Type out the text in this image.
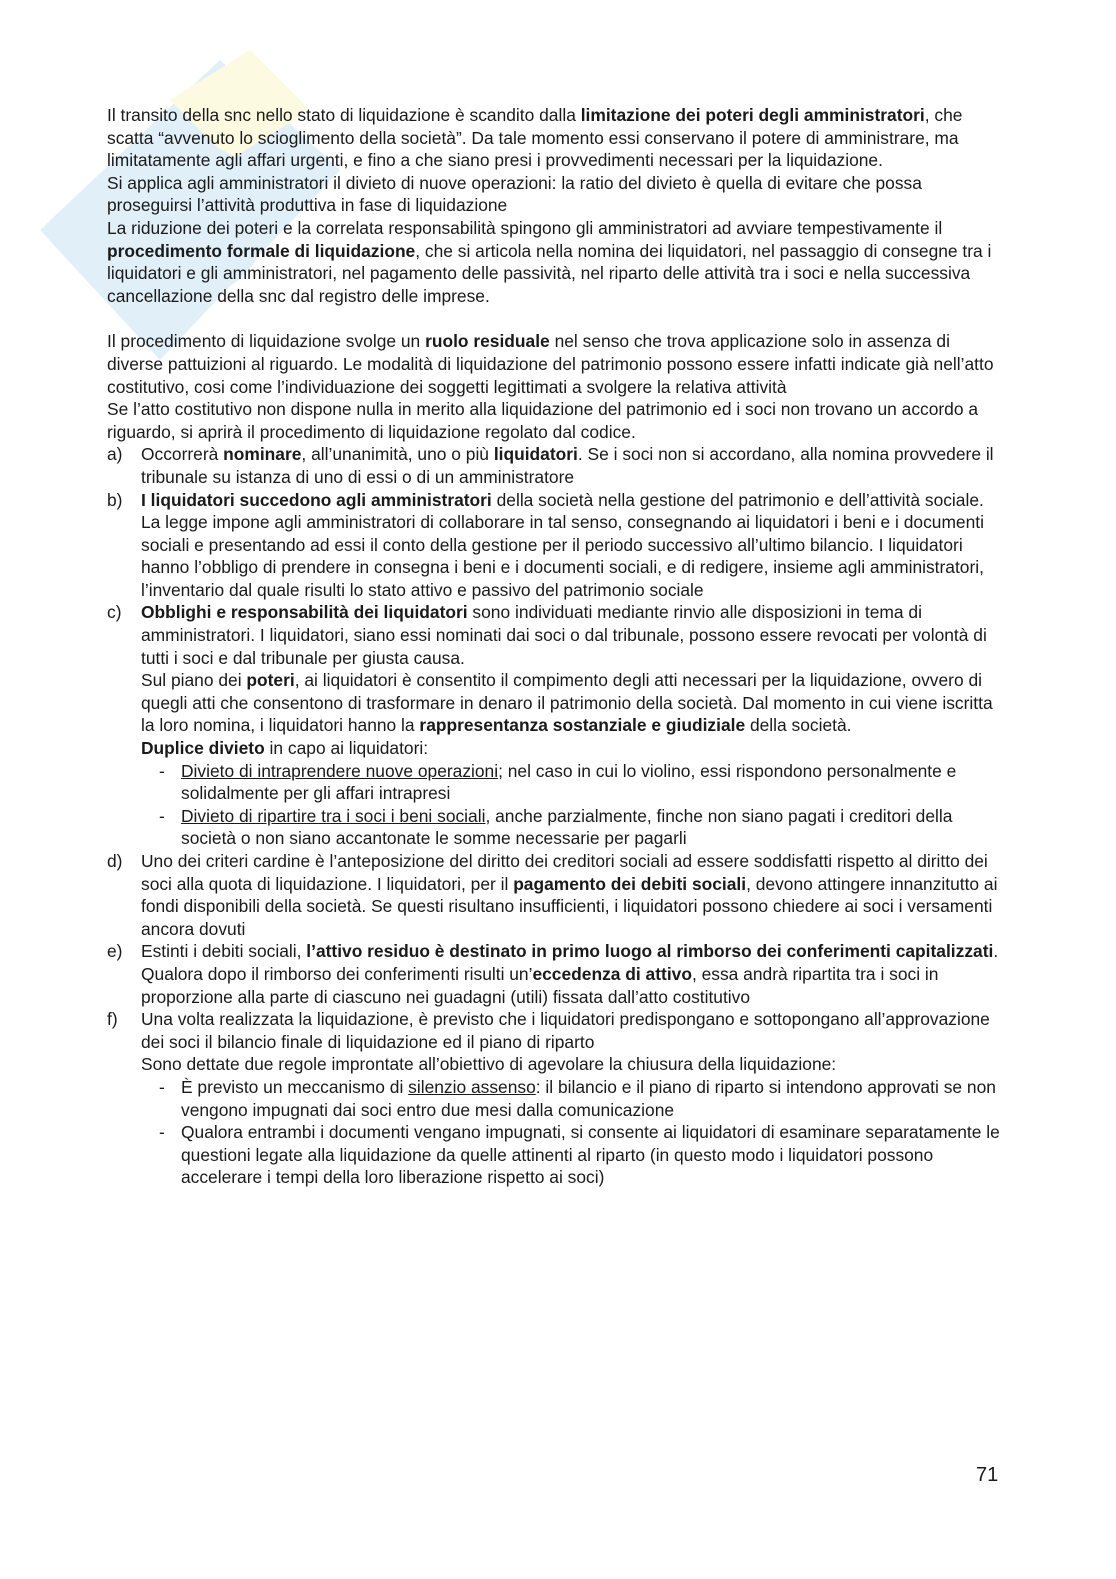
Il transito della snc nello stato di liquidazione è scandito dalla limitazione dei poteri degli amministratori, che scatta “avvenuto lo scioglimento della società”. Da tale momento essi conservano il potere di amministrare, ma limitatamente agli affari urgenti, e fino a che siano presi i provvedimenti necessari per la liquidazione.

Si applica agli amministratori il divieto di nuove operazioni: la ratio del divieto è quella di evitare che possa proseguirsi l’attività produttiva in fase di liquidazione

La riduzione dei poteri e la correlata responsabilità spingono gli amministratori ad avviare tempestivamente il procedimento formale di liquidazione, che si articola nella nomina dei liquidatori, nel passaggio di consegne tra i liquidatori e gli amministratori, nel pagamento delle passività, nel riparto delle attività tra i soci e nella successiva cancellazione della snc dal registro delle imprese.

Il procedimento di liquidazione svolge un ruolo residuale nel senso che trova applicazione solo in assenza di diverse pattuizioni al riguardo. Le modalità di liquidazione del patrimonio possono essere infatti indicate già nell’atto costitutivo, cosi come l’individuazione dei soggetti legittimati a svolgere la relativa attività

Se l’atto costitutivo non dispone nulla in merito alla liquidazione del patrimonio ed i soci non trovano un accordo a riguardo, si aprirà il procedimento di liquidazione regolato dal codice.

a)	Occorrerà nominare, all’unanimità, uno o più liquidatori. Se i soci non si accordano, alla nomina provvedere il tribunale su istanza di uno di essi o di un amministratore

b)	I liquidatori succedono agli amministratori della società nella gestione del patrimonio e dell’attività sociale. La legge impone agli amministratori di collaborare in tal senso, consegnando ai liquidatori i beni e i documenti sociali e presentando ad essi il conto della gestione per il periodo successivo all’ultimo bilancio. I liquidatori hanno l’obbligo di prendere in consegna i beni e i documenti sociali, e di redigere, insieme agli amministratori, l’inventario dal quale risulti lo stato attivo e passivo del patrimonio sociale

c)	Obblighi e responsabilità dei liquidatori sono individuati mediante rinvio alle disposizioni in tema di amministratori. I liquidatori, siano essi nominati dai soci o dal tribunale, possono essere revocati per volontà di tutti i soci e dal tribunale per giusta causa.

Sul piano dei poteri, ai liquidatori è consentito il compimento degli atti necessari per la liquidazione, ovvero di quegli atti che consentono di trasformare in denaro il patrimonio della società. Dal momento in cui viene iscritta la loro nomina, i liquidatori hanno la rappresentanza sostanziale e giudiziale della società.

Duplice divieto in capo ai liquidatori:

- Divieto di intraprendere nuove operazioni; nel caso in cui lo violino, essi rispondono personalmente e solidalmente per gli affari intrapresi
- Divieto di ripartire tra i soci i beni sociali, anche parzialmente, finche non siano pagati i creditori della società o non siano accantonate le somme necessarie per pagarli
d)	Uno dei criteri cardine è l’anteposizione del diritto dei creditori sociali ad essere soddisfatti rispetto al diritto dei soci alla quota di liquidazione. I liquidatori, per il pagamento dei debiti sociali, devono attingere innanzitutto ai fondi disponibili della società. Se questi risultano insufficienti, i liquidatori possono chiedere ai soci i versamenti ancora dovuti

e)	Estinti i debiti sociali, l’attivo residuo è destinato in primo luogo al rimborso dei conferimenti capitalizzati. Qualora dopo il rimborso dei conferimenti risulti un’eccedenza di attivo, essa andrà ripartita tra i soci in proporzione alla parte di ciascuno nei guadagni (utili) fissata dall’atto costitutivo

f)	Una volta realizzata la liquidazione, è previsto che i liquidatori predispongano e sottopongano all’approvazione dei soci il bilancio finale di liquidazione ed il piano di riparto

Sono dettate due regole improntate all’obiettivo di agevolare la chiusura della liquidazione:

- È previsto un meccanismo di silenzio assenso: il bilancio e il piano di riparto si intendono approvati se non vengono impugnati dai soci entro due mesi dalla comunicazione
- Qualora entrambi i documenti vengano impugnati, si consente ai liquidatori di esaminare separatamente le questioni legate alla liquidazione da quelle attinenti al riparto (in questo modo i liquidatori possono accelerare i tempi della loro liberazione rispetto ai soci)
71
